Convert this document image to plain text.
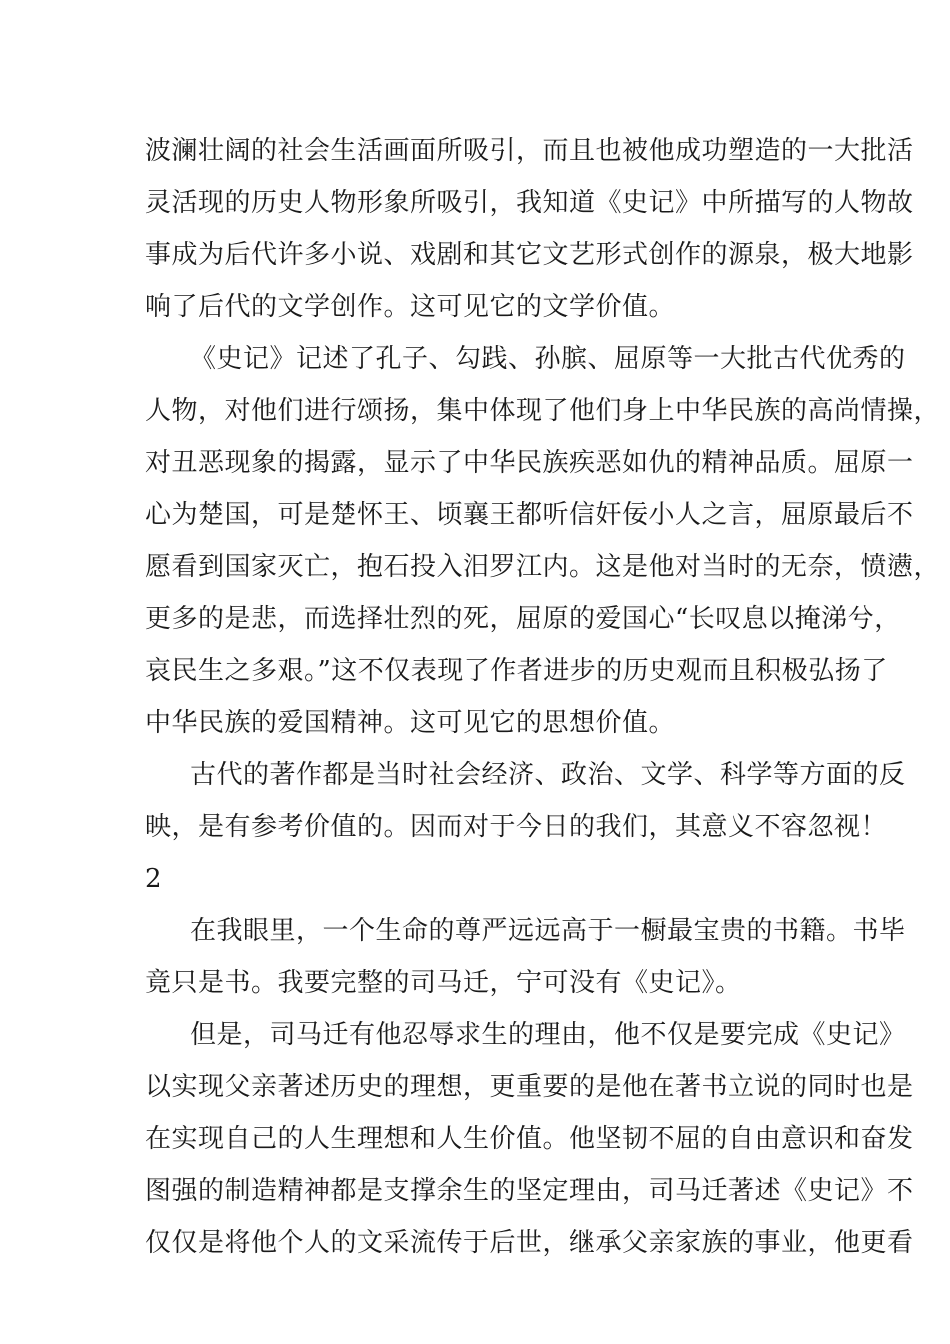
波澜壮阔的社会生活画面所吸引，而且也被他成功塑造的一大批活
灵活现的历史人物形象所吸引，我知道《史记》中所描写的人物故
事成为后代许多小说、戏剧和其它文艺形式创作的源泉，极大地影
响了后代的文学创作。这可见它的文学价值。
《史记》记述了孔子、勾践、孙膑、屈原等一大批古代优秀的
人物，对他们进行颂扬，集中体现了他们身上中华民族的高尚情操，
对丑恶现象的揭露，显示了中华民族疾恶如仇的精神品质。屈原一
心为楚国，可是楚怀王、顷襄王都听信奸佞小人之言，屈原最后不
愿看到国家灭亡，抱石投入汨罗江内。这是他对当时的无奈，愤懑，
更多的是悲，而选择壮烈的死，屈原的爱国心“长叹息以掩涕兮，
哀民生之多艰。”这不仅表现了作者进步的历史观而且积极弘扬了
中华民族的爱国精神。这可见它的思想价值。
古代的著作都是当时社会经济、政治、文学、科学等方面的反
映，是有参考价值的。因而对于今日的我们，其意义不容忽视！
2
在我眼里，一个生命的尊严远远高于一橱最宝贵的书籍。书毕
竟只是书。我要完整的司马迁，宁可没有《史记》。
但是，司马迁有他忍辱求生的理由，他不仅是要完成《史记》
以实现父亲著述历史的理想，更重要的是他在著书立说的同时也是
在实现自己的人生理想和人生价值。他坚韧不屈的自由意识和奋发
图强的制造精神都是支撑余生的坚定理由，司马迁著述《史记》不
仅仅是将他个人的文采流传于后世，继承父亲家族的事业，他更看
